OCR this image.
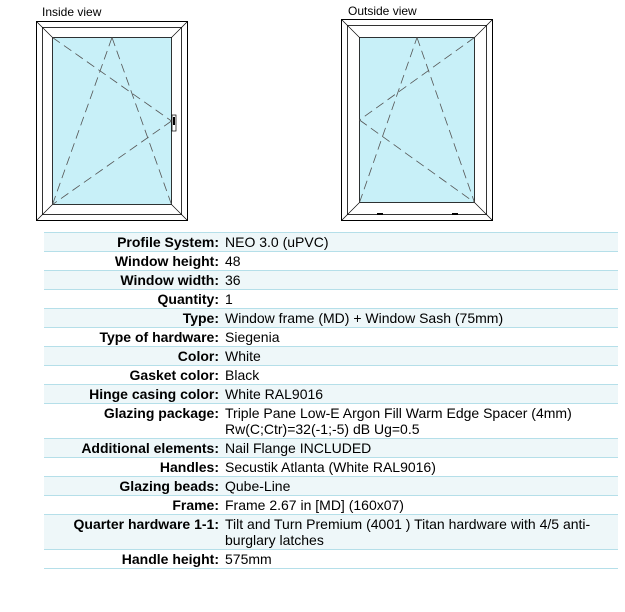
Inside view	Outside view
Profile System:	NEO 3.0 (uPVC)
Window height:	48
Window width:	36
Quantity:	1
Type:	Window frame (MD) + Window Sash (75mm)
Type of hardware:	Siegenia
Color:	White
Gasket color:	Black
Hinge casing color:	White RAL9016
Glazing package:	Triple Pane Low-E Argon Fill Warm Edge Spacer (4mm) Rw(C;Ctr)=32(-1;-5) dB Ug=0.5
Additional elements:	Nail Flange INCLUDED
Handles:	Secustik Atlanta (White RAL9016)
Glazing beads:	Qube-Line
Frame:	Frame 2.67 in [MD] (160x07)
Quarter hardware 1-1:	Tilt and Turn Premium (4001 ) Titan hardware with 4/5 anti-burglary latches
Handle height:	575mm
